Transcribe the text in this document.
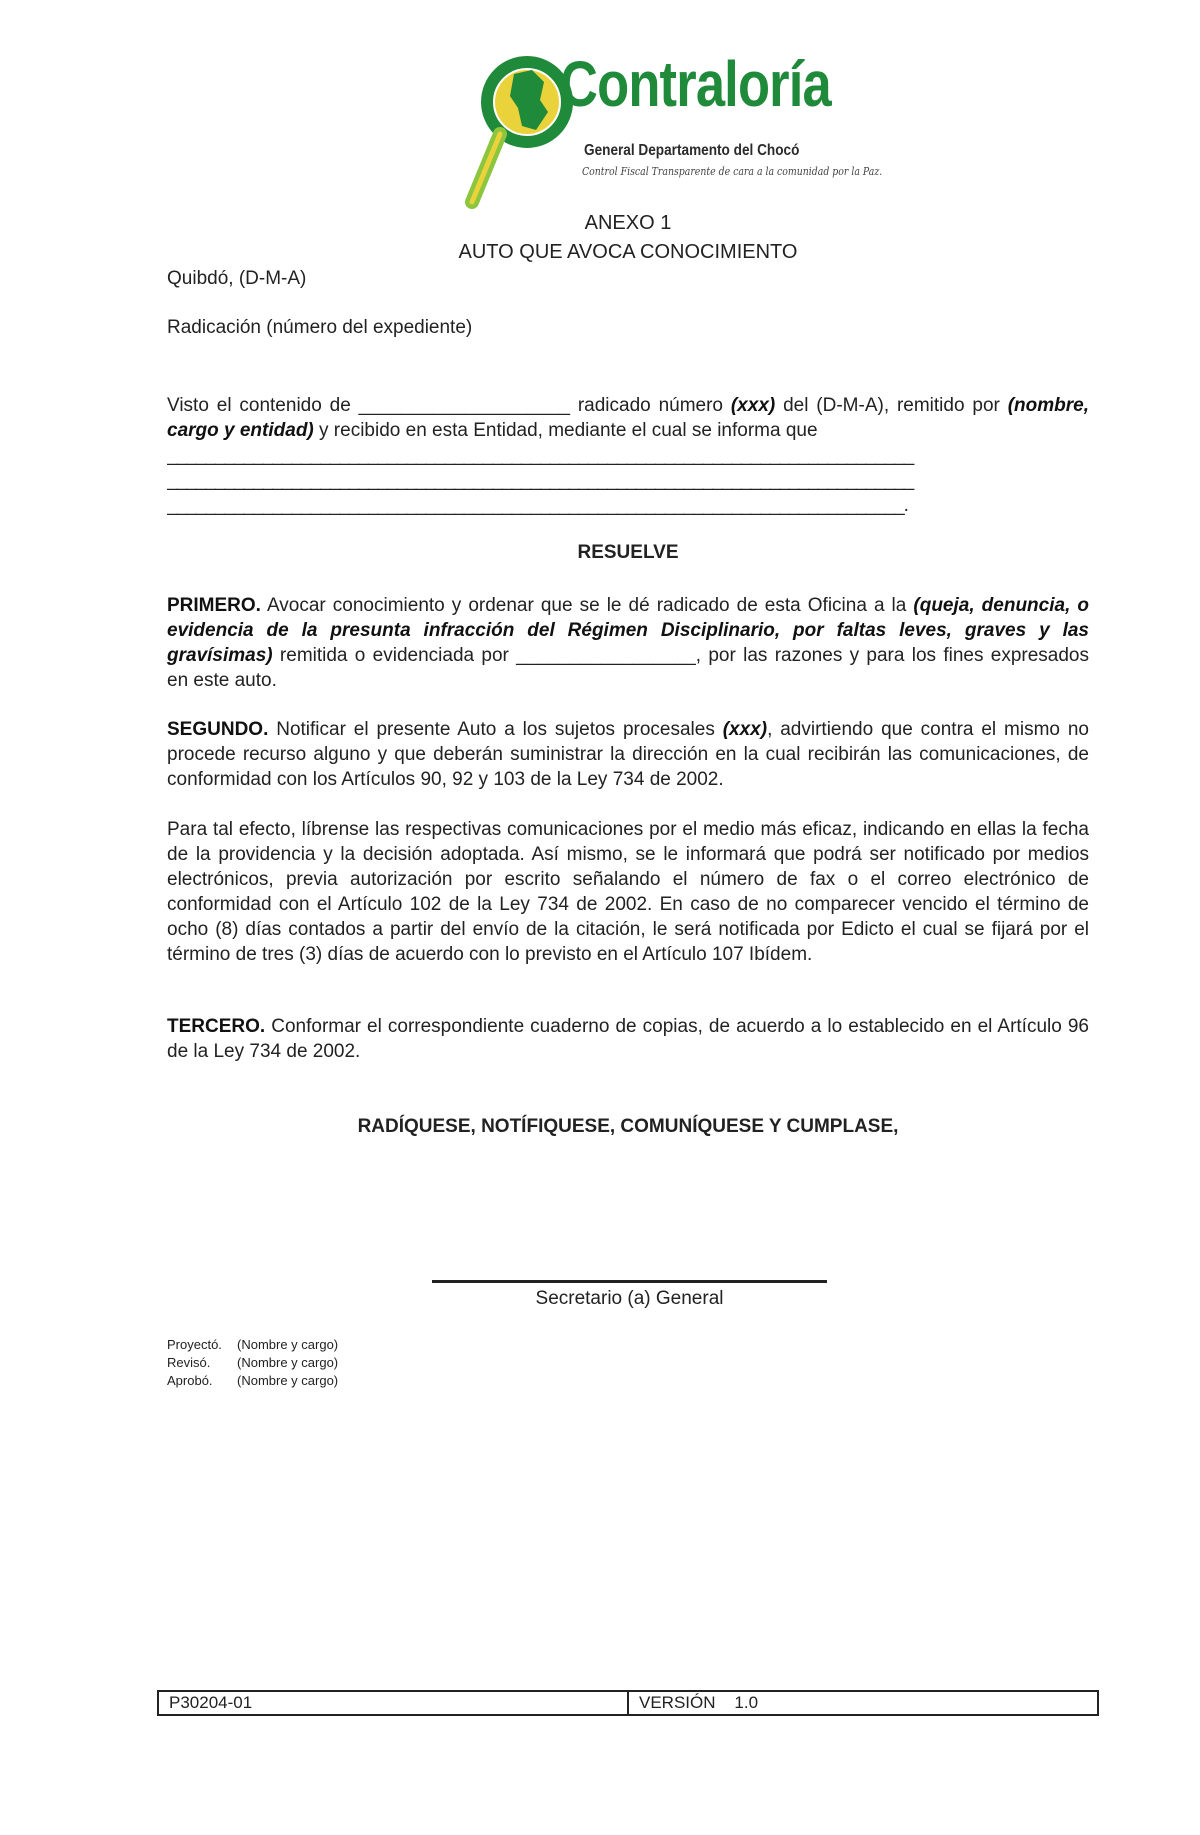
Contraloría
General Departamento del Chocó
Control Fiscal Transparente de cara a la comunidad por la Paz.
ANEXO 1
AUTO QUE AVOCA CONOCIMIENTO
Quibdó, (D-M-A)
Radicación (número del expediente)
Visto el contenido de ____________________ radicado número (xxx) del (D-M-A), remitido por (nombre, cargo y entidad) y recibido en esta Entidad, mediante el cual se informa que
______________________________________________________________________________
______________________________________________________________________________
_____________________________________________________________________________.
RESUELVE
PRIMERO. Avocar conocimiento y ordenar que se le dé radicado de esta Oficina a la (queja, denuncia, o evidencia de la presunta infracción del Régimen Disciplinario, por faltas leves, graves y las gravísimas) remitida o evidenciada por _________________, por las razones y para los fines expresados en este auto.
SEGUNDO. Notificar el presente Auto a los sujetos procesales (xxx), advirtiendo que contra el mismo no procede recurso alguno y que deberán suministrar la dirección en la cual recibirán las comunicaciones, de conformidad con los Artículos 90, 92 y 103 de la Ley 734 de 2002.
Para tal efecto, líbrense las respectivas comunicaciones por el medio más eficaz, indicando en ellas la fecha de la providencia y la decisión adoptada. Así mismo, se le informará que podrá ser notificado por medios electrónicos, previa autorización por escrito señalando el número de fax o el correo electrónico de conformidad con el Artículo 102 de la Ley 734 de 2002. En caso de no comparecer vencido el término de ocho (8) días contados a partir del envío de la citación, le será notificada por Edicto el cual se fijará por el término de tres (3) días de acuerdo con lo previsto en el Artículo 107 Ibídem.
TERCERO. Conformar el correspondiente cuaderno de copias, de acuerdo a lo establecido en el Artículo 96 de la Ley 734 de 2002.
RADÍQUESE, NOTÍFIQUESE, COMUNÍQUESE Y CUMPLASE,
Secretario (a) General
Proyectó. (Nombre y cargo)
Revisó. (Nombre y cargo)
Aprobó. (Nombre y cargo)
P30204-01	VERSIÓN    1.0
